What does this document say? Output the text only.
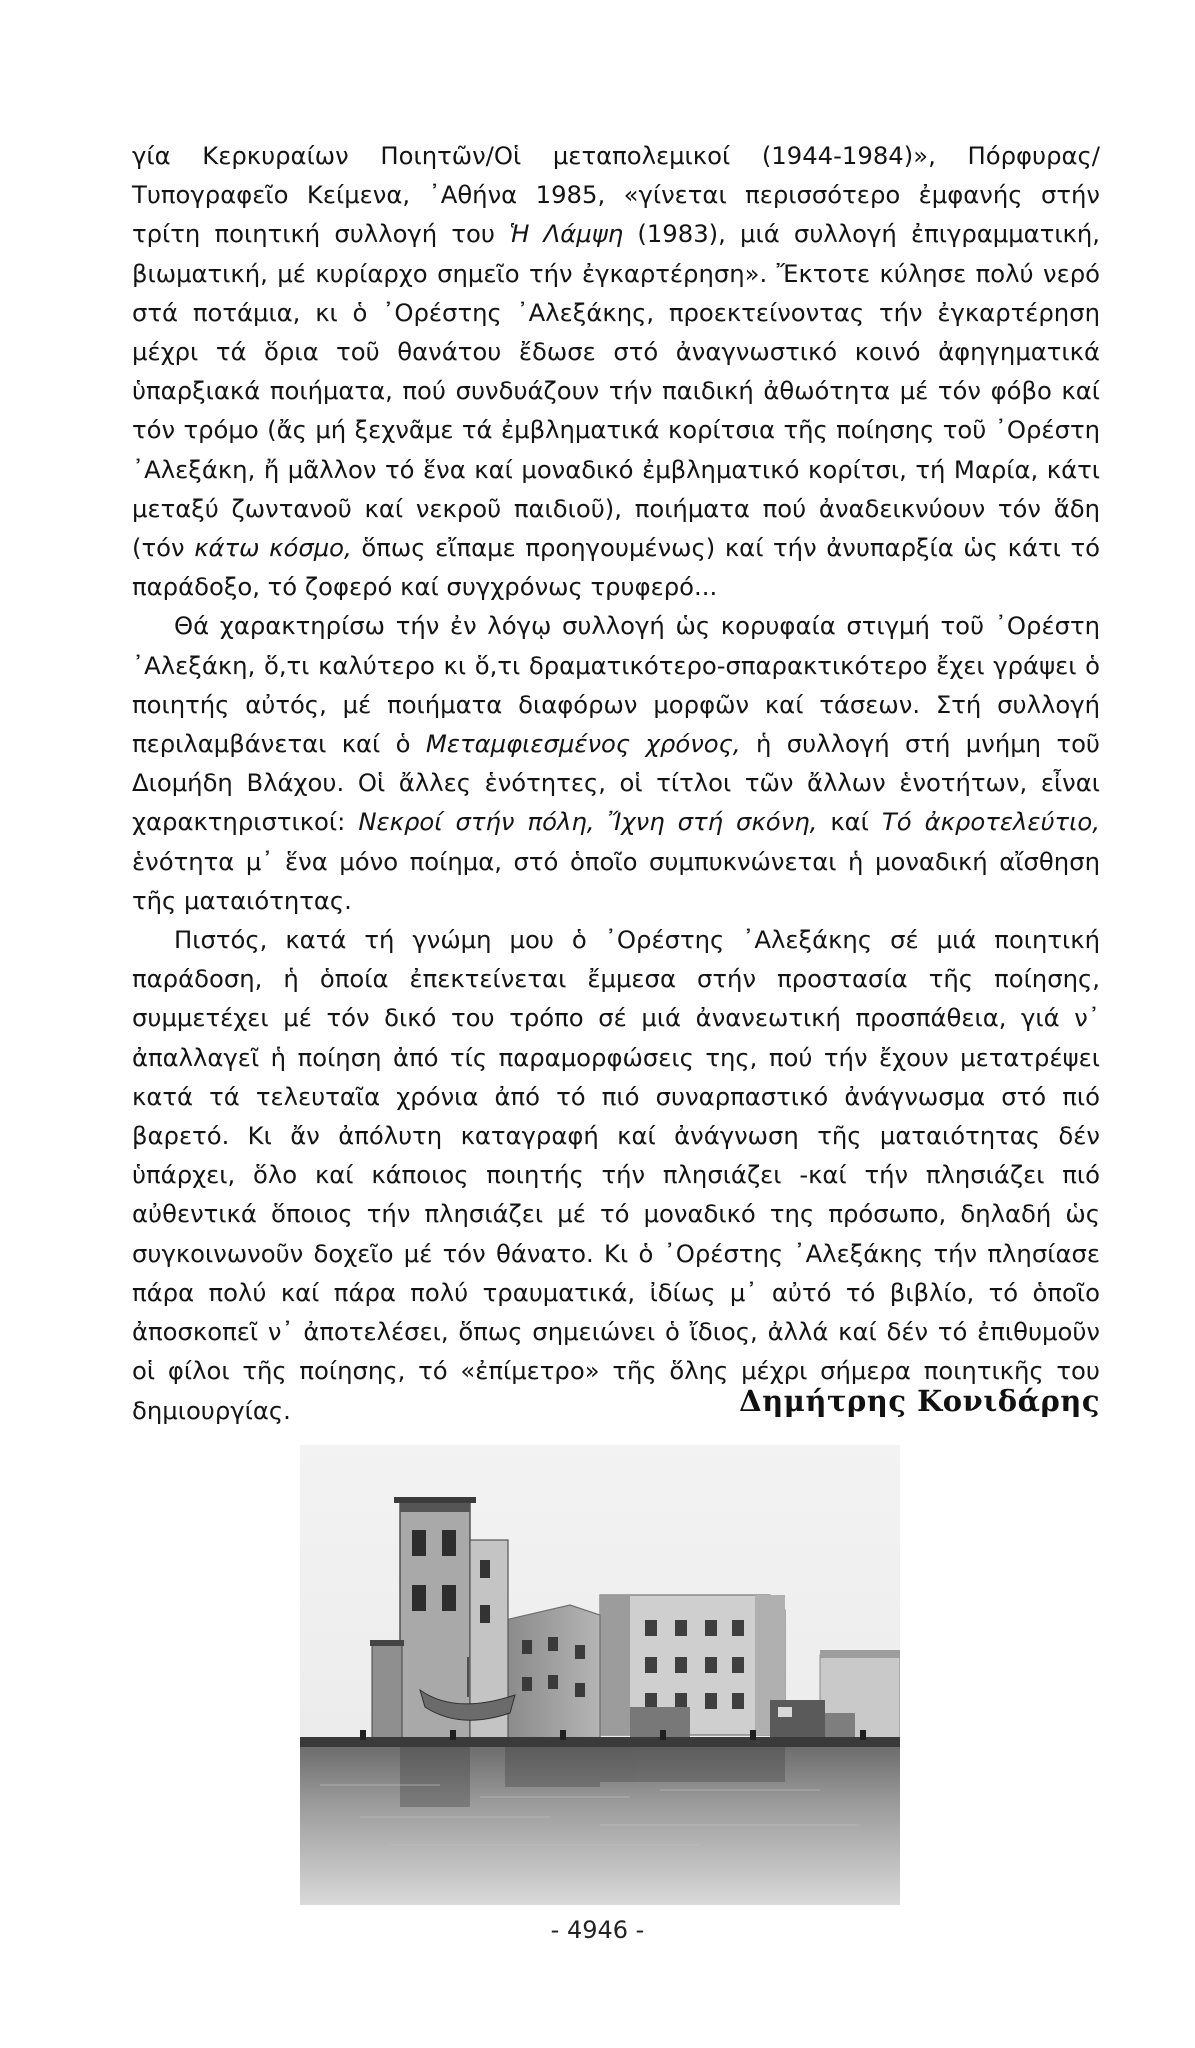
γία Κερκυραίων Ποιητῶν/Οἱ μεταπολεμικοί (1944-1984)», Πόρφυρας/Τυπογραφεῖο Κείμενα, ᾿Αθήνα 1985, «γίνεται περισσότερο ἐμφανής στήν τρίτη ποιητική συλλογή του Ἡ Λάμψη (1983), μιά συλλογή ἐπιγραμματική, βιωματική, μέ κυρίαρχο σημεῖο τήν ἐγκαρτέρηση». Ἔκτοτε κύλησε πολύ νερό στά ποτάμια, κι ὁ ᾿Ορέστης ᾿Αλεξάκης, προεκτείνοντας τήν ἐγκαρτέρηση μέχρι τά ὅρια τοῦ θανάτου ἔδωσε στό ἀναγνωστικό κοινό ἀφηγηματικά ὑπαρξιακά ποιήματα, πού συνδυάζουν τήν παιδική ἀθωότητα μέ τόν φόβο καί τόν τρόμο (ἄς μή ξεχνᾶμε τά ἐμβληματικά κορίτσια τῆς ποίησης τοῦ ᾿Ορέστη ᾿Αλεξάκη, ἤ μᾶλλον τό ἕνα καί μοναδικό ἐμβληματικό κορίτσι, τή Μαρία, κάτι μεταξύ ζωντανοῦ καί νεκροῦ παιδιοῦ), ποιήματα πού ἀναδεικνύουν τόν ἅδη (τόν κάτω κόσμο, ὅπως εἴπαμε προηγουμένως) καί τήν ἀνυπαρξία ὡς κάτι τό παράδοξο, τό ζοφερό καί συγχρόνως τρυφερό...

Θά χαρακτηρίσω τήν ἐν λόγῳ συλλογή ὡς κορυφαία στιγμή τοῦ ᾿Ορέστη ᾿Αλεξάκη, ὅ,τι καλύτερο κι ὅ,τι δραματικότερο-σπαρακτικότερο ἔχει γράψει ὁ ποιητής αὐτός, μέ ποιήματα διαφόρων μορφῶν καί τάσεων. Στή συλλογή περιλαμβάνεται καί ὁ Μεταμφιεσμένος χρόνος, ἡ συλλογή στή μνήμη τοῦ Διομήδη Βλάχου. Οἱ ἄλλες ἑνότητες, οἱ τίτλοι τῶν ἄλλων ἑνοτήτων, εἶναι χαρακτηριστικοί: Νεκροί στήν πόλη, Ἴχνη στή σκόνη, καί Τό ἀκροτελεύτιο, ἑνότητα μ᾿ ἕνα μόνο ποίημα, στό ὁποῖο συμπυκνώνεται ἡ μοναδική αἴσθηση τῆς ματαιότητας.

Πιστός, κατά τή γνώμη μου ὁ ᾿Ορέστης ᾿Αλεξάκης σέ μιά ποιητική παράδοση, ἡ ὁποία ἐπεκτείνεται ἔμμεσα στήν προστασία τῆς ποίησης, συμμετέχει μέ τόν δικό του τρόπο σέ μιά ἀνανεωτική προσπάθεια, γιά ν᾿ ἀπαλλαγεῖ ἡ ποίηση ἀπό τίς παραμορφώσεις της, πού τήν ἔχουν μετατρέψει κατά τά τελευταῖα χρόνια ἀπό τό πιό συναρπαστικό ἀνάγνωσμα στό πιό βαρετό. Κι ἄν ἀπόλυτη καταγραφή καί ἀνάγνωση τῆς ματαιότητας δέν ὑπάρχει, ὅλο καί κάποιος ποιητής τήν πλησιάζει -καί τήν πλησιάζει πιό αὐθεντικά ὅποιος τήν πλησιάζει μέ τό μοναδικό της πρόσωπο, δηλαδή ὡς συγκοινωνοῦν δοχεῖο μέ τόν θάνατο. Κι ὁ ᾿Ορέστης ᾿Αλεξάκης τήν πλησίασε πάρα πολύ καί πάρα πολύ τραυματικά, ἰδίως μ᾿ αὐτό τό βιβλίο, τό ὁποῖο ἀποσκοπεῖ ν᾿ ἀποτελέσει, ὅπως σημειώνει ὁ ἴδιος, ἀλλά καί δέν τό ἐπιθυμοῦν οἱ φίλοι τῆς ποίησης, τό «ἐπίμετρο» τῆς ὅλης μέχρι σήμερα ποιητικῆς του δημιουργίας.	Δημήτρης Κονιδάρης
~
- 4946 -
